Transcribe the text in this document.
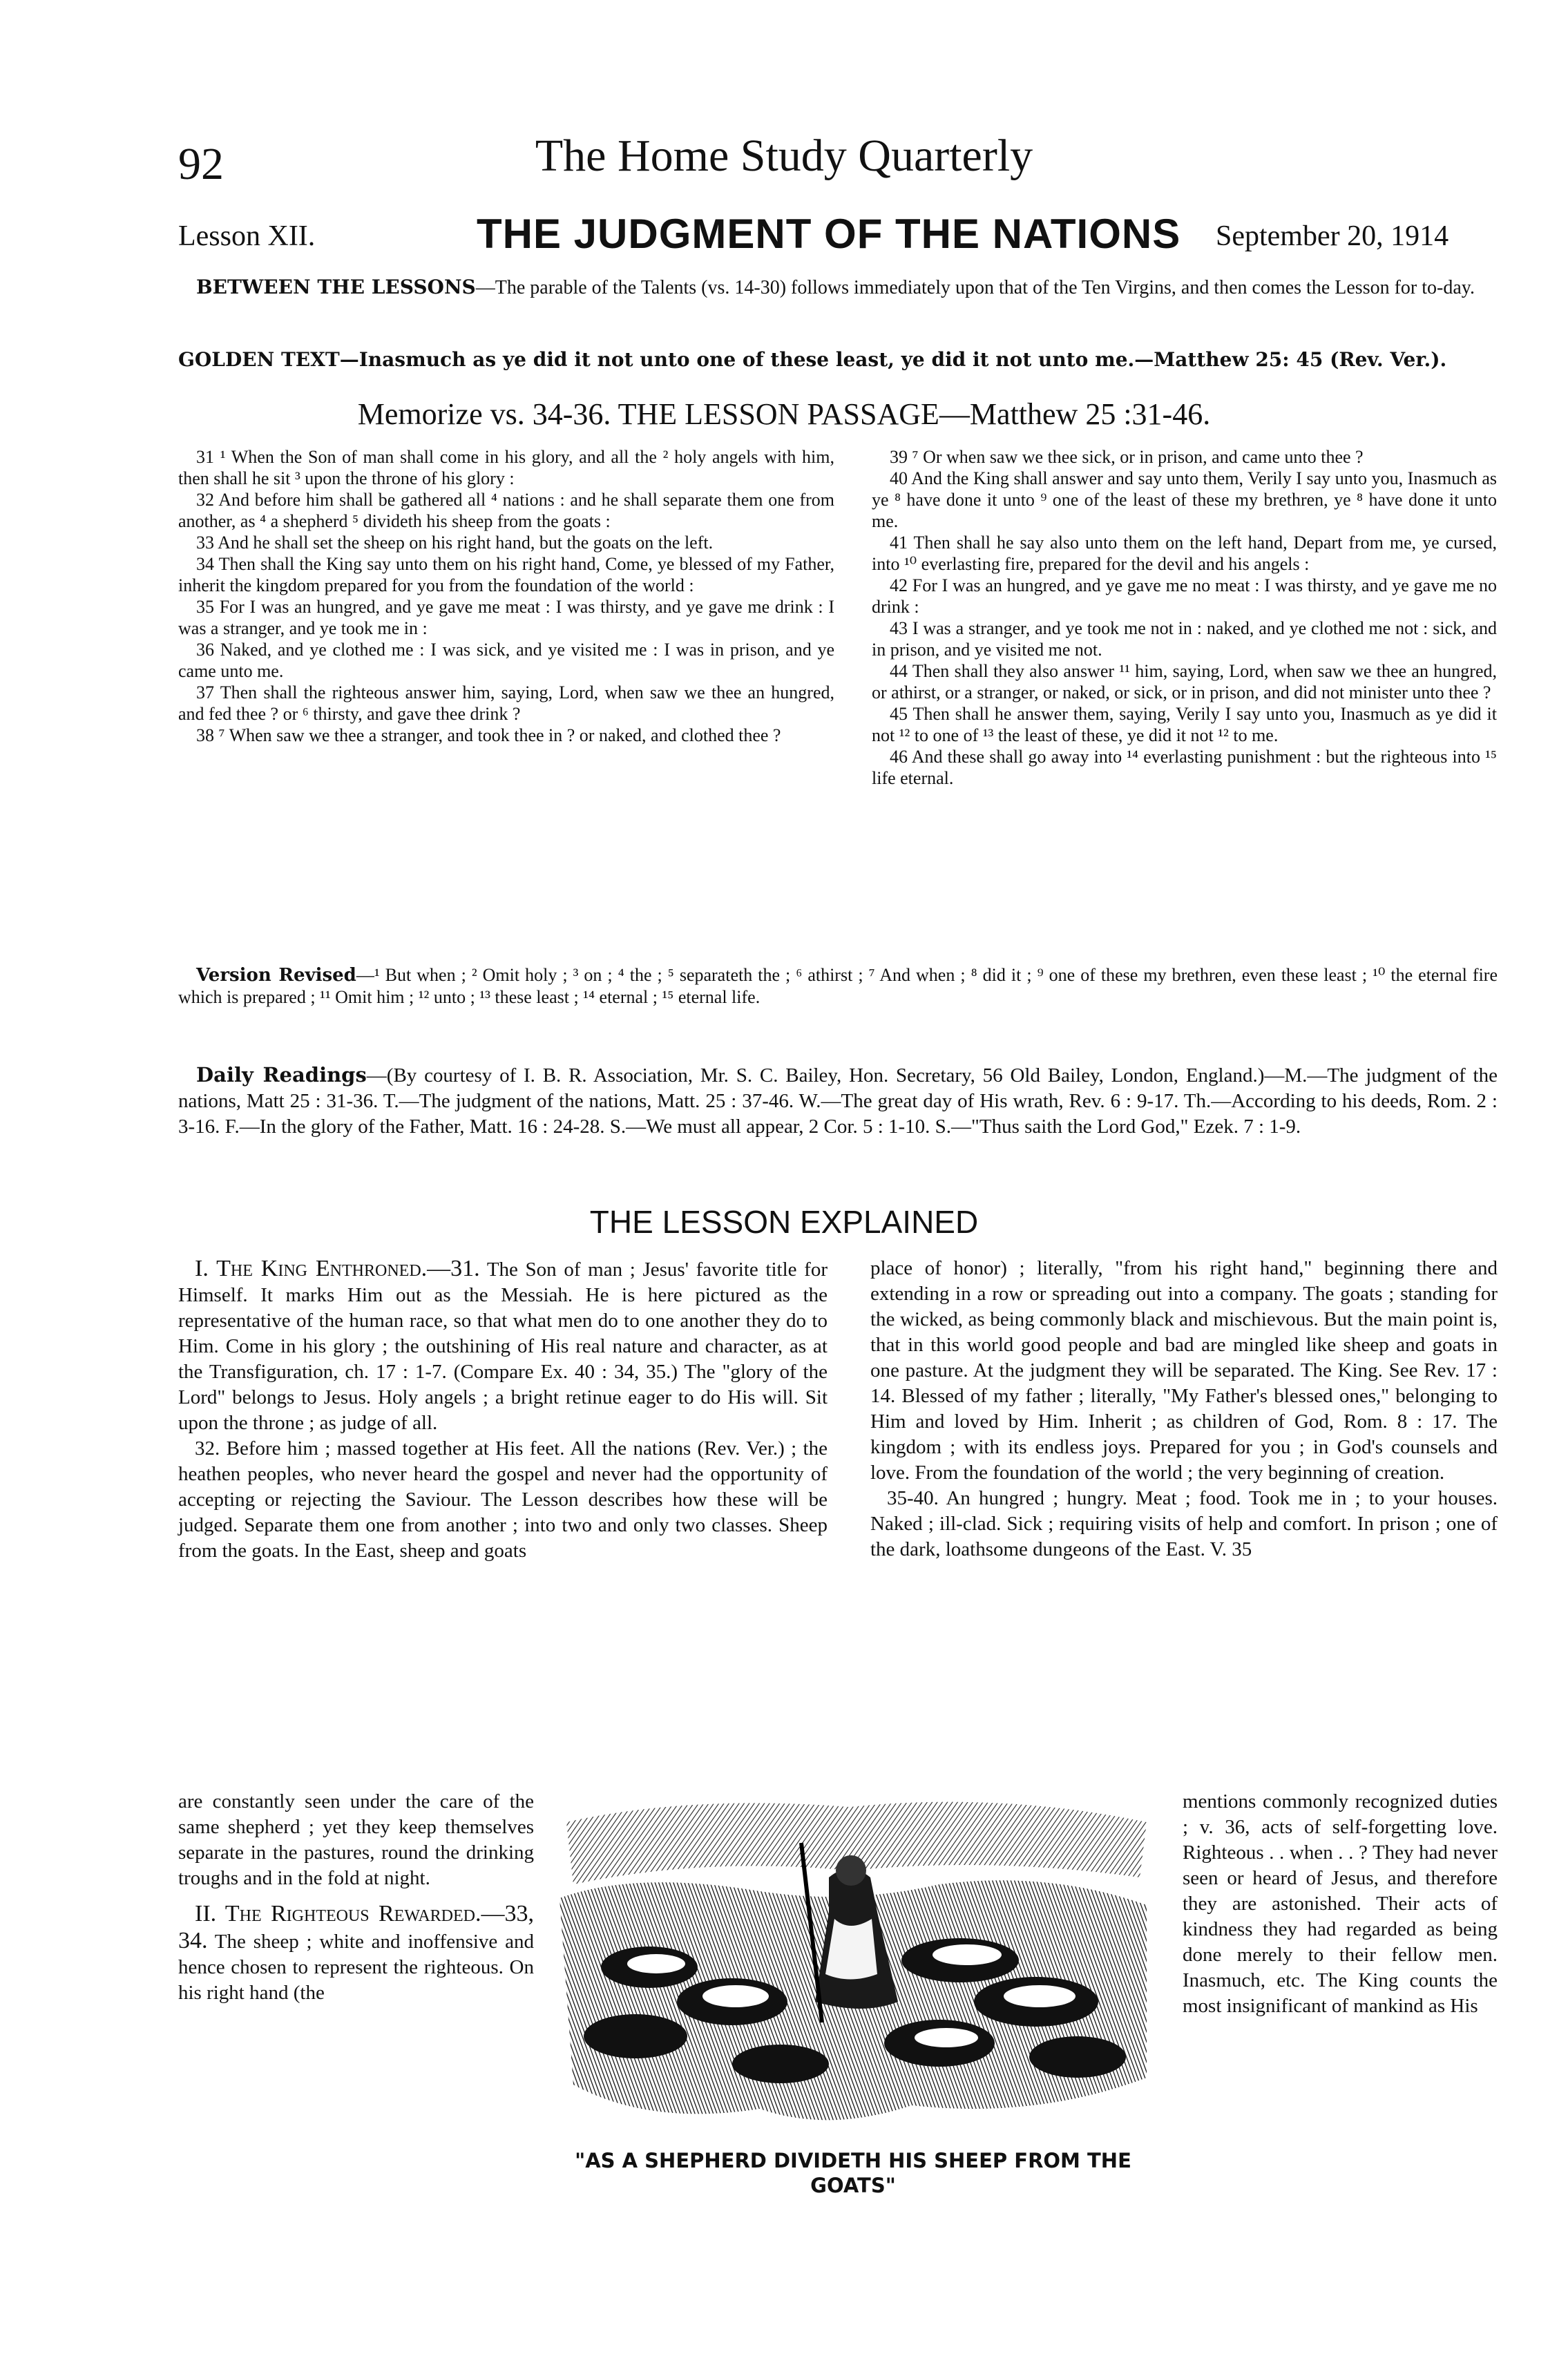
92	The Home Study Quarterly
Lesson XII.	THE JUDGMENT OF THE NATIONS September 20, 1914
BETWEEN THE LESSONS—The parable of the Talents (vs. 14-30) follows immediately upon that of the Ten Virgins, and then comes the Lesson for to-day.
GOLDEN TEXT—Inasmuch as ye did it not unto one of these least, ye did it not unto me.—Matthew 25: 45 (Rev. Ver.).
Memorize vs. 34-36. THE LESSON PASSAGE—Matthew 25 :31-46.

31 ¹ When the Son of man shall come in his glory, and all the ² holy angels with him, then shall he sit ³ upon the throne of his glory :

32 And before him shall be gathered all ⁴ nations : and he shall separate them one from another, as ⁴ a shepherd ⁵ divideth his sheep from the goats :

33 And he shall set the sheep on his right hand, but the goats on the left.

34 Then shall the King say unto them on his right hand, Come, ye blessed of my Father, inherit the kingdom prepared for you from the foundation of the world :

35 For I was an hungred, and ye gave me meat : I was thirsty, and ye gave me drink : I was a stranger, and ye took me in :

36 Naked, and ye clothed me : I was sick, and ye visited me : I was in prison, and ye came unto me.

37 Then shall the righteous answer him, saying, Lord, when saw we thee an hungred, and fed thee ? or ⁶ thirsty, and gave thee drink ?

38 ⁷ When saw we thee a stranger, and took thee in ? or naked, and clothed thee ?

39 ⁷ Or when saw we thee sick, or in prison, and came unto thee ?

40 And the King shall answer and say unto them, Verily I say unto you, Inasmuch as ye ⁸ have done it unto ⁹ one of the least of these my brethren, ye ⁸ have done it unto me.

41 Then shall he say also unto them on the left hand, Depart from me, ye cursed, into ¹⁰ everlasting fire, prepared for the devil and his angels :

42 For I was an hungred, and ye gave me no meat : I was thirsty, and ye gave me no drink :

43 I was a stranger, and ye took me not in : naked, and ye clothed me not : sick, and in prison, and ye visited me not.

44 Then shall they also answer ¹¹ him, saying, Lord, when saw we thee an hungred, or athirst, or a stranger, or naked, or sick, or in prison, and did not minister unto thee ?

45 Then shall he answer them, saying, Verily I say unto you, Inasmuch as ye did it not ¹² to one of ¹³ the least of these, ye did it not ¹² to me.

46 And these shall go away into ¹⁴ everlasting punishment : but the righteous into ¹⁵ life eternal.

Version Revised—¹ But when ; ² Omit holy ; ³ on ; ⁴ the ; ⁵ separateth the ; ⁶ athirst ; ⁷ And when ; ⁸ did it ; ⁹ one of these my brethren, even these least ; ¹⁰ the eternal fire which is prepared ; ¹¹ Omit him ; ¹² unto ; ¹³ these least ; ¹⁴ eternal ; ¹⁵ eternal life.
Daily Readings—(By courtesy of I. B. R. Association, Mr. S. C. Bailey, Hon. Secretary, 56 Old Bailey, London, England.)—M.—The judgment of the nations, Matt 25 : 31-36. T.—The judgment of the nations, Matt. 25 : 37-46. W.—The great day of His wrath, Rev. 6 : 9-17. Th.—According to his deeds, Rom. 2 : 3-16. F.—In the glory of the Father, Matt. 16 : 24-28. S.—We must all appear, 2 Cor. 5 : 1-10. S.—"Thus saith the Lord God," Ezek. 7 : 1-9.
THE LESSON EXPLAINED

I. The King Enthroned.—31. The Son of man ; Jesus' favorite title for Himself. It marks Him out as the Messiah. He is here pictured as the representative of the human race, so that what men do to one another they do to Him. Come in his glory ; the outshining of His real nature and character, as at the Transfiguration, ch. 17 : 1-7. (Compare Ex. 40 : 34, 35.) The "glory of the Lord" belongs to Jesus. Holy angels ; a bright retinue eager to do His will. Sit upon the throne ; as judge of all.

32. Before him ; massed together at His feet. All the nations (Rev. Ver.) ; the heathen peoples, who never heard the gospel and never had the opportunity of accepting or rejecting the Saviour. The Lesson describes how these will be judged. Separate them one from another ; into two and only two classes. Sheep from the goats. In the East, sheep and goats

are constantly seen under the care of the same shepherd ; yet they keep themselves separate in the pastures, round the drinking troughs and in the fold at night.

II. The Righteous Rewarded.—33, 34. The sheep ; white and inoffensive and hence chosen to represent the righteous. On his right hand (the

place of honor) ; literally, "from his right hand," beginning there and extending in a row or spreading out into a company. The goats ; standing for the wicked, as being commonly black and mischievous. But the main point is, that in this world good people and bad are mingled like sheep and goats in one pasture. At the judgment they will be separated. The King. See Rev. 17 : 14. Blessed of my father ; literally, "My Father's blessed ones," belonging to Him and loved by Him. Inherit ; as children of God, Rom. 8 : 17. The kingdom ; with its endless joys. Prepared for you ; in God's counsels and love. From the foundation of the world ; the very beginning of creation.

35-40. An hungred ; hungry. Meat ; food. Took me in ; to your houses. Naked ; ill-clad. Sick ; requiring visits of help and comfort. In prison ; one of the dark, loathsome dungeons of the East. V. 35

mentions commonly recognized duties ; v. 36, acts of self-forgetting love. Righteous . . when . . ? They had never seen or heard of Jesus, and therefore they are astonished. Their acts of kindness they had regarded as being done merely to their fellow men. Inasmuch, etc. The King counts the most insignificant of mankind as His

"AS A SHEPHERD DIVIDETH HIS SHEEP FROM THE GOATS"
